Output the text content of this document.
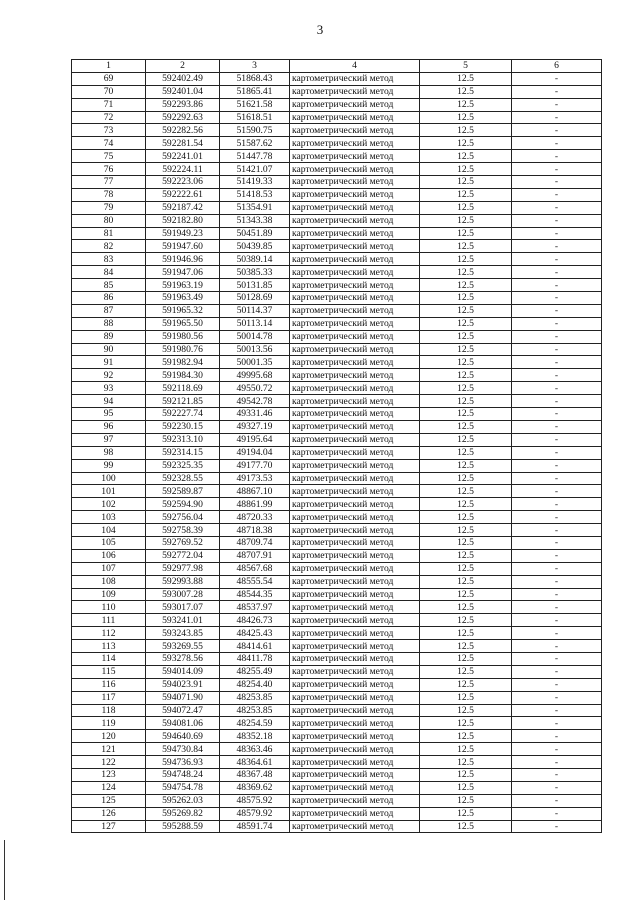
3
1	2	3	4	5	6
69	592402.49	51868.43	картометрический метод	12.5	-
70	592401.04	51865.41	картометрический метод	12.5	-
71	592293.86	51621.58	картометрический метод	12.5	-
72	592292.63	51618.51	картометрический метод	12.5	-
73	592282.56	51590.75	картометрический метод	12.5	-
74	592281.54	51587.62	картометрический метод	12.5	-
75	592241.01	51447.78	картометрический метод	12.5	-
76	592224.11	51421.07	картометрический метод	12.5	-
77	592223.06	51419.33	картометрический метод	12.5	-
78	592222.61	51418.53	картометрический метод	12.5	-
79	592187.42	51354.91	картометрический метод	12.5	-
80	592182.80	51343.38	картометрический метод	12.5	-
81	591949.23	50451.89	картометрический метод	12.5	-
82	591947.60	50439.85	картометрический метод	12.5	-
83	591946.96	50389.14	картометрический метод	12.5	-
84	591947.06	50385.33	картометрический метод	12.5	-
85	591963.19	50131.85	картометрический метод	12.5	-
86	591963.49	50128.69	картометрический метод	12.5	-
87	591965.32	50114.37	картометрический метод	12.5	-
88	591965.50	50113.14	картометрический метод	12.5	-
89	591980.56	50014.78	картометрический метод	12.5	-
90	591980.76	50013.56	картометрический метод	12.5	-
91	591982.94	50001.35	картометрический метод	12.5	-
92	591984.30	49995.68	картометрический метод	12.5	-
93	592118.69	49550.72	картометрический метод	12.5	-
94	592121.85	49542.78	картометрический метод	12.5	-
95	592227.74	49331.46	картометрический метод	12.5	-
96	592230.15	49327.19	картометрический метод	12.5	-
97	592313.10	49195.64	картометрический метод	12.5	-
98	592314.15	49194.04	картометрический метод	12.5	-
99	592325.35	49177.70	картометрический метод	12.5	-
100	592328.55	49173.53	картометрический метод	12.5	-
101	592589.87	48867.10	картометрический метод	12.5	-
102	592594.90	48861.99	картометрический метод	12.5	-
103	592756.04	48720.33	картометрический метод	12.5	-
104	592758.39	48718.38	картометрический метод	12.5	-
105	592769.52	48709.74	картометрический метод	12.5	-
106	592772.04	48707.91	картометрический метод	12.5	-
107	592977.98	48567.68	картометрический метод	12.5	-
108	592993.88	48555.54	картометрический метод	12.5	-
109	593007.28	48544.35	картометрический метод	12.5	-
110	593017.07	48537.97	картометрический метод	12.5	-
111	593241.01	48426.73	картометрический метод	12.5	-
112	593243.85	48425.43	картометрический метод	12.5	-
113	593269.55	48414.61	картометрический метод	12.5	-
114	593278.56	48411.78	картометрический метод	12.5	-
115	594014.09	48255.49	картометрический метод	12.5	-
116	594023.91	48254.40	картометрический метод	12.5	-
117	594071.90	48253.85	картометрический метод	12.5	-
118	594072.47	48253.85	картометрический метод	12.5	-
119	594081.06	48254.59	картометрический метод	12.5	-
120	594640.69	48352.18	картометрический метод	12.5	-
121	594730.84	48363.46	картометрический метод	12.5	-
122	594736.93	48364.61	картометрический метод	12.5	-
123	594748.24	48367.48	картометрический метод	12.5	-
124	594754.78	48369.62	картометрический метод	12.5	-
125	595262.03	48575.92	картометрический метод	12.5	-
126	595269.82	48579.92	картометрический метод	12.5	-
127	595288.59	48591.74	картометрический метод	12.5	-
